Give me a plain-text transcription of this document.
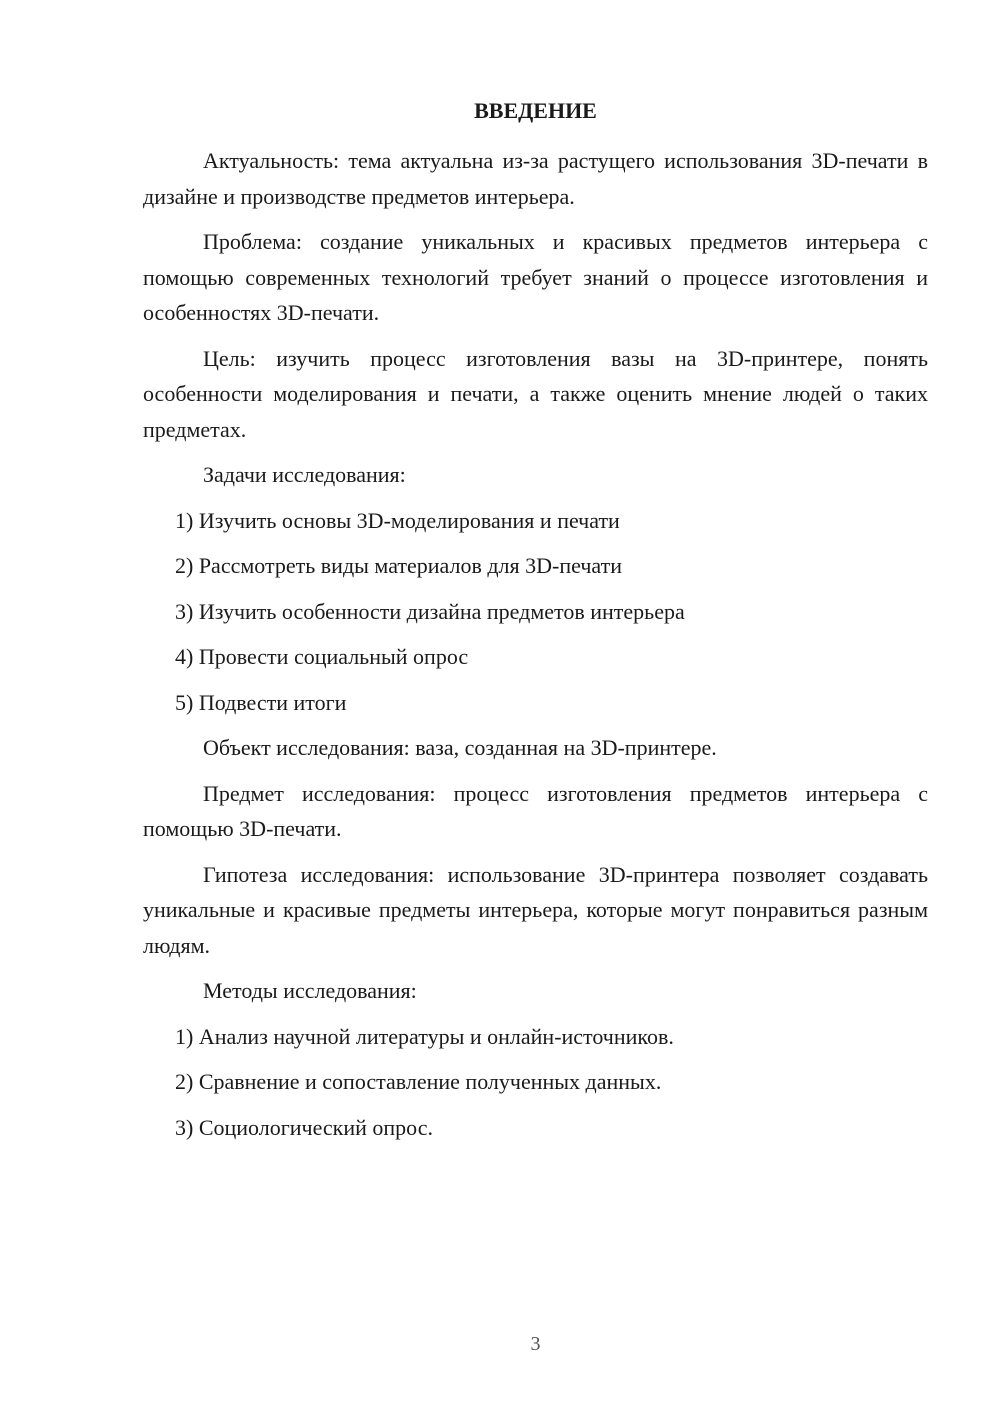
ВВЕДЕНИЕ

Актуальность: тема актуальна из-за растущего использования 3D-печати в дизайне и производстве предметов интерьера.

Проблема: создание уникальных и красивых предметов интерьера с помощью современных технологий требует знаний о процессе изготовления и особенностях 3D-печати.

Цель: изучить процесс изготовления вазы на 3D-принтере, понять особенности моделирования и печати, а также оценить мнение людей о таких предметах.

Задачи исследования:

1) Изучить основы 3D-моделирования и печати

2) Рассмотреть виды материалов для 3D-печати

3) Изучить особенности дизайна предметов интерьера

4) Провести социальный опрос

5) Подвести итоги

Объект исследования: ваза, созданная на 3D-принтере.

Предмет исследования: процесс изготовления предметов интерьера с помощью 3D-печати.

Гипотеза исследования: использование 3D-принтера позволяет создавать уникальные и красивые предметы интерьера, которые могут понравиться разным людям.

Методы исследования:

1) Анализ научной литературы и онлайн-источников.

2) Сравнение и сопоставление полученных данных.

3) Социологический опрос.

3
